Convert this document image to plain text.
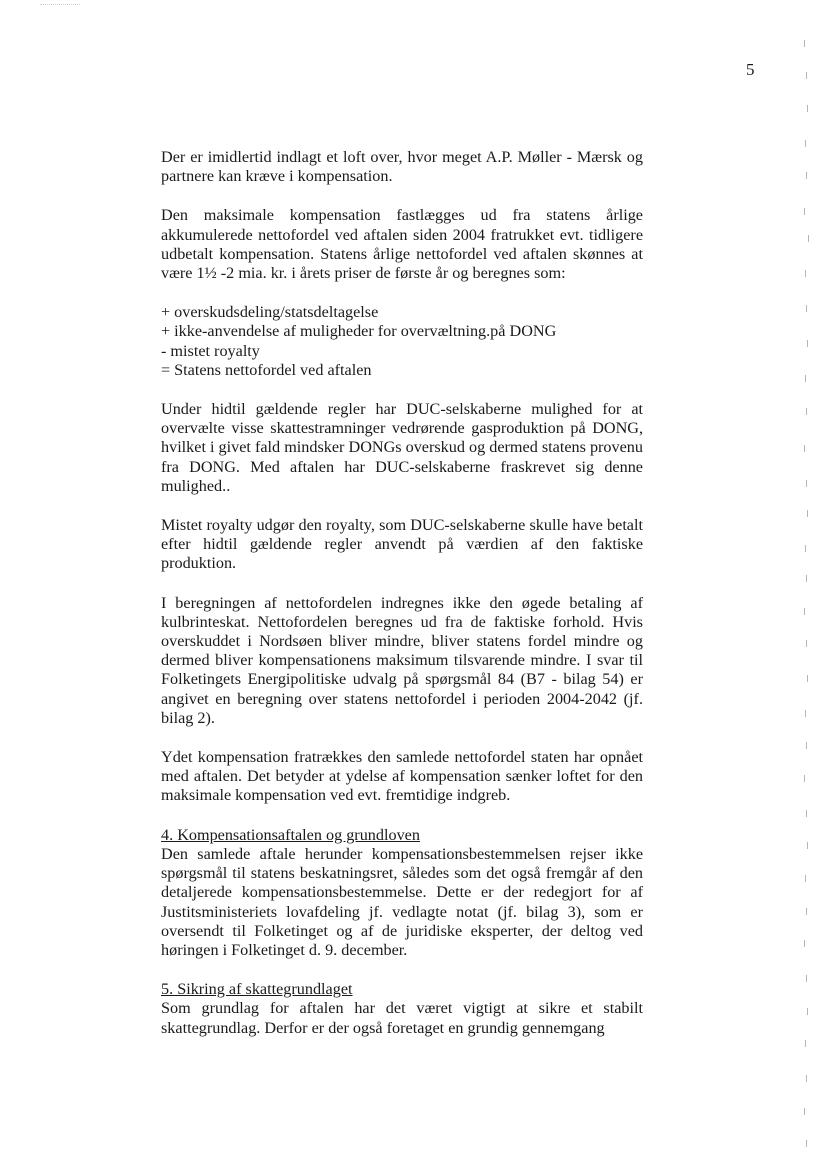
5

Der er imidlertid indlagt et loft over, hvor meget A.P. Møller - Mærsk og partnere kan kræve i kompensation.

Den maksimale kompensation fastlægges ud fra statens årlige akkumulerede nettofordel ved aftalen siden 2004 fratrukket evt. tidligere udbetalt kompensation. Statens årlige nettofordel ved aftalen skønnes at være 1½ -2 mia. kr. i årets priser de første år og beregnes som:

+ overskudsdeling/statsdeltagelse
+ ikke-anvendelse af muligheder for overvæltning.på DONG
- mistet royalty
= Statens nettofordel ved aftalen

Under hidtil gældende regler har DUC-selskaberne mulighed for at overvælte visse skattestramninger vedrørende gasproduktion på DONG, hvilket i givet fald mindsker DONGs overskud og dermed statens provenu fra DONG. Med aftalen har DUC-selskaberne fraskrevet sig denne mulighed..

Mistet royalty udgør den royalty, som DUC-selskaberne skulle have betalt efter hidtil gældende regler anvendt på værdien af den faktiske produktion.

I beregningen af nettofordelen indregnes ikke den øgede betaling af kulbrinteskat. Nettofordelen beregnes ud fra de faktiske forhold. Hvis overskuddet i Nordsøen bliver mindre, bliver statens fordel mindre og dermed bliver kompensationens maksimum tilsvarende mindre. I svar til Folketingets Energipolitiske udvalg på spørgsmål 84 (B7 - bilag 54) er angivet en beregning over statens nettofordel i perioden 2004-2042 (jf. bilag 2).

Ydet kompensation fratrækkes den samlede nettofordel staten har opnået med aftalen. Det betyder at ydelse af kompensation sænker loftet for den maksimale kompensation ved evt. fremtidige indgreb.

4. Kompensationsaftalen og grundloven

Den samlede aftale herunder kompensationsbestemmelsen rejser ikke spørgsmål til statens beskatningsret, således som det også fremgår af den detaljerede kompensationsbestemmelse. Dette er der redegjort for af Justitsministeriets lovafdeling jf. vedlagte notat (jf. bilag 3), som er oversendt til Folketinget og af de juridiske eksperter, der deltog ved høringen i Folketinget d. 9. december.

5. Sikring af skattegrundlaget

Som grundlag for aftalen har det været vigtigt at sikre et stabilt skattegrundlag. Derfor er der også foretaget en grundig gennemgang
